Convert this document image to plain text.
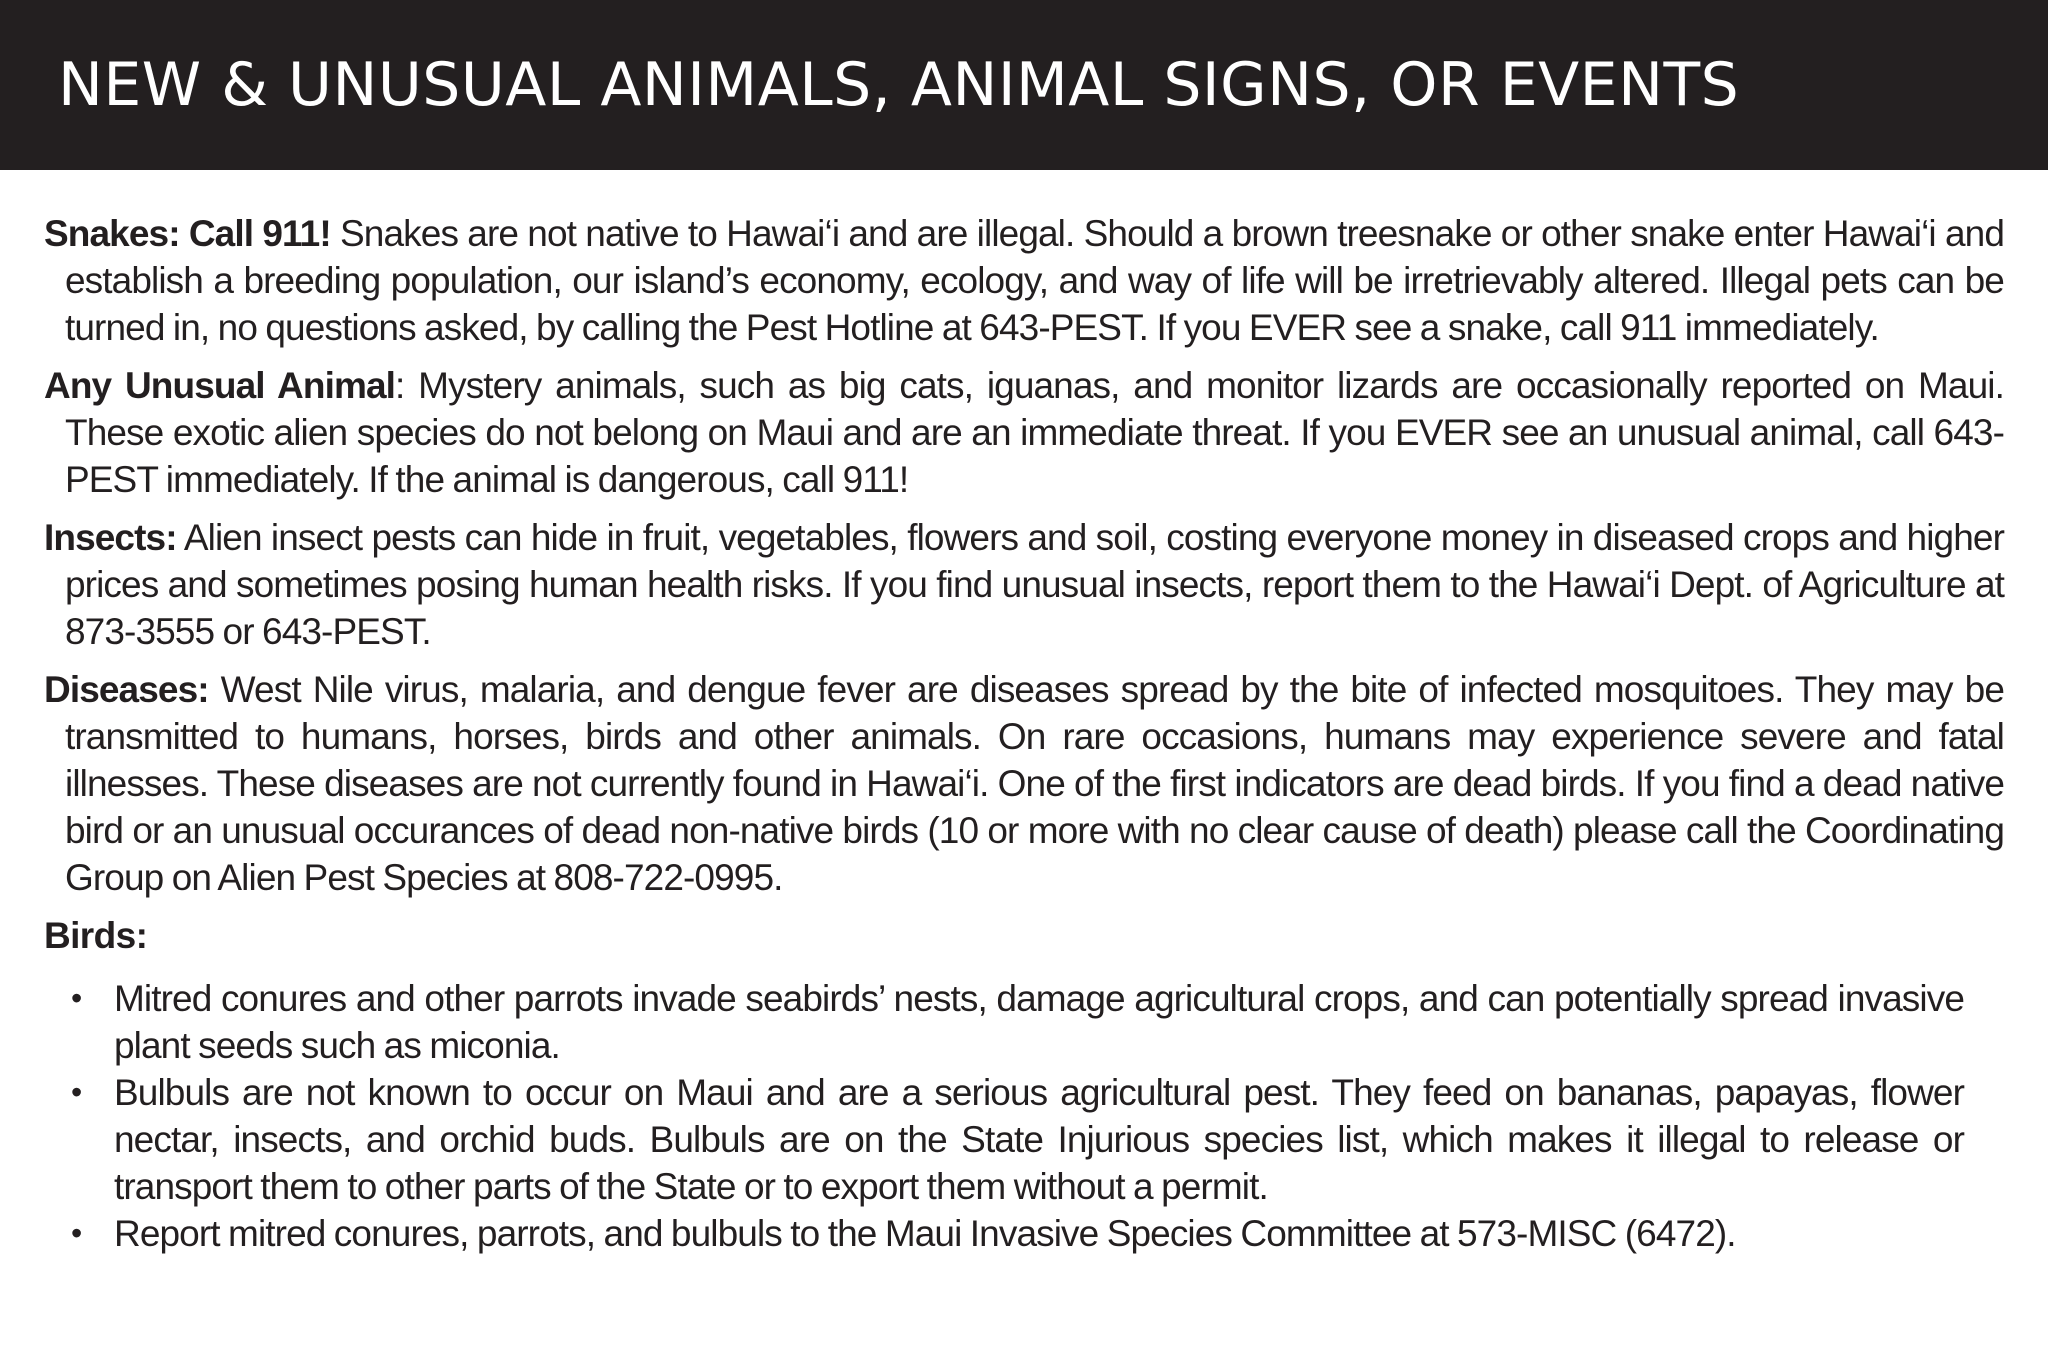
NEW & UNUSUAL ANIMALS, ANIMAL SIGNS, OR EVENTS

Snakes: Call 911! Snakes are not native to Hawai‘i and are illegal. Should a brown treesnake or other snake enter Hawai‘i and establish a breeding population, our island’s economy, ecology, and way of life will be irretrievably altered. Illegal pets can be turned in, no questions asked, by calling the Pest Hotline at 643-PEST. If you EVER see a snake, call 911 immediately.

Any Unusual Animal: Mystery animals, such as big cats, iguanas, and monitor lizards are occasionally reported on Maui. These exotic alien species do not belong on Maui and are an immediate threat. If you EVER see an unusual animal, call 643-PEST immediately. If the animal is dangerous, call 911!

Insects: Alien insect pests can hide in fruit, vegetables, flowers and soil, costing everyone money in diseased crops and higher prices and sometimes posing human health risks. If you find unusual insects, report them to the Hawai‘i Dept. of Agriculture at 873-3555 or 643-PEST.

Diseases: West Nile virus, malaria, and dengue fever are diseases spread by the bite of infected mosquitoes. They may be transmitted to humans, horses, birds and other animals. On rare occasions, humans may experience severe and fatal illnesses. These diseases are not currently found in Hawai‘i. One of the first indicators are dead birds. If you find a dead native bird or an unusual occurances of dead non-native birds (10 or more with no clear cause of death) please call the Coordinating Group on Alien Pest Species at 808-722-0995.

Birds:

• Mitred conures and other parrots invade seabirds’ nests, damage agricultural crops, and can potentially spread invasive plant seeds such as miconia.
• Bulbuls are not known to occur on Maui and are a serious agricultural pest. They feed on bananas, papayas, flower nectar, insects, and orchid buds. Bulbuls are on the State Injurious species list, which makes it illegal to release or transport them to other parts of the State or to export them without a permit.
• Report mitred conures, parrots, and bulbuls to the Maui Invasive Species Committee at 573-MISC (6472).
